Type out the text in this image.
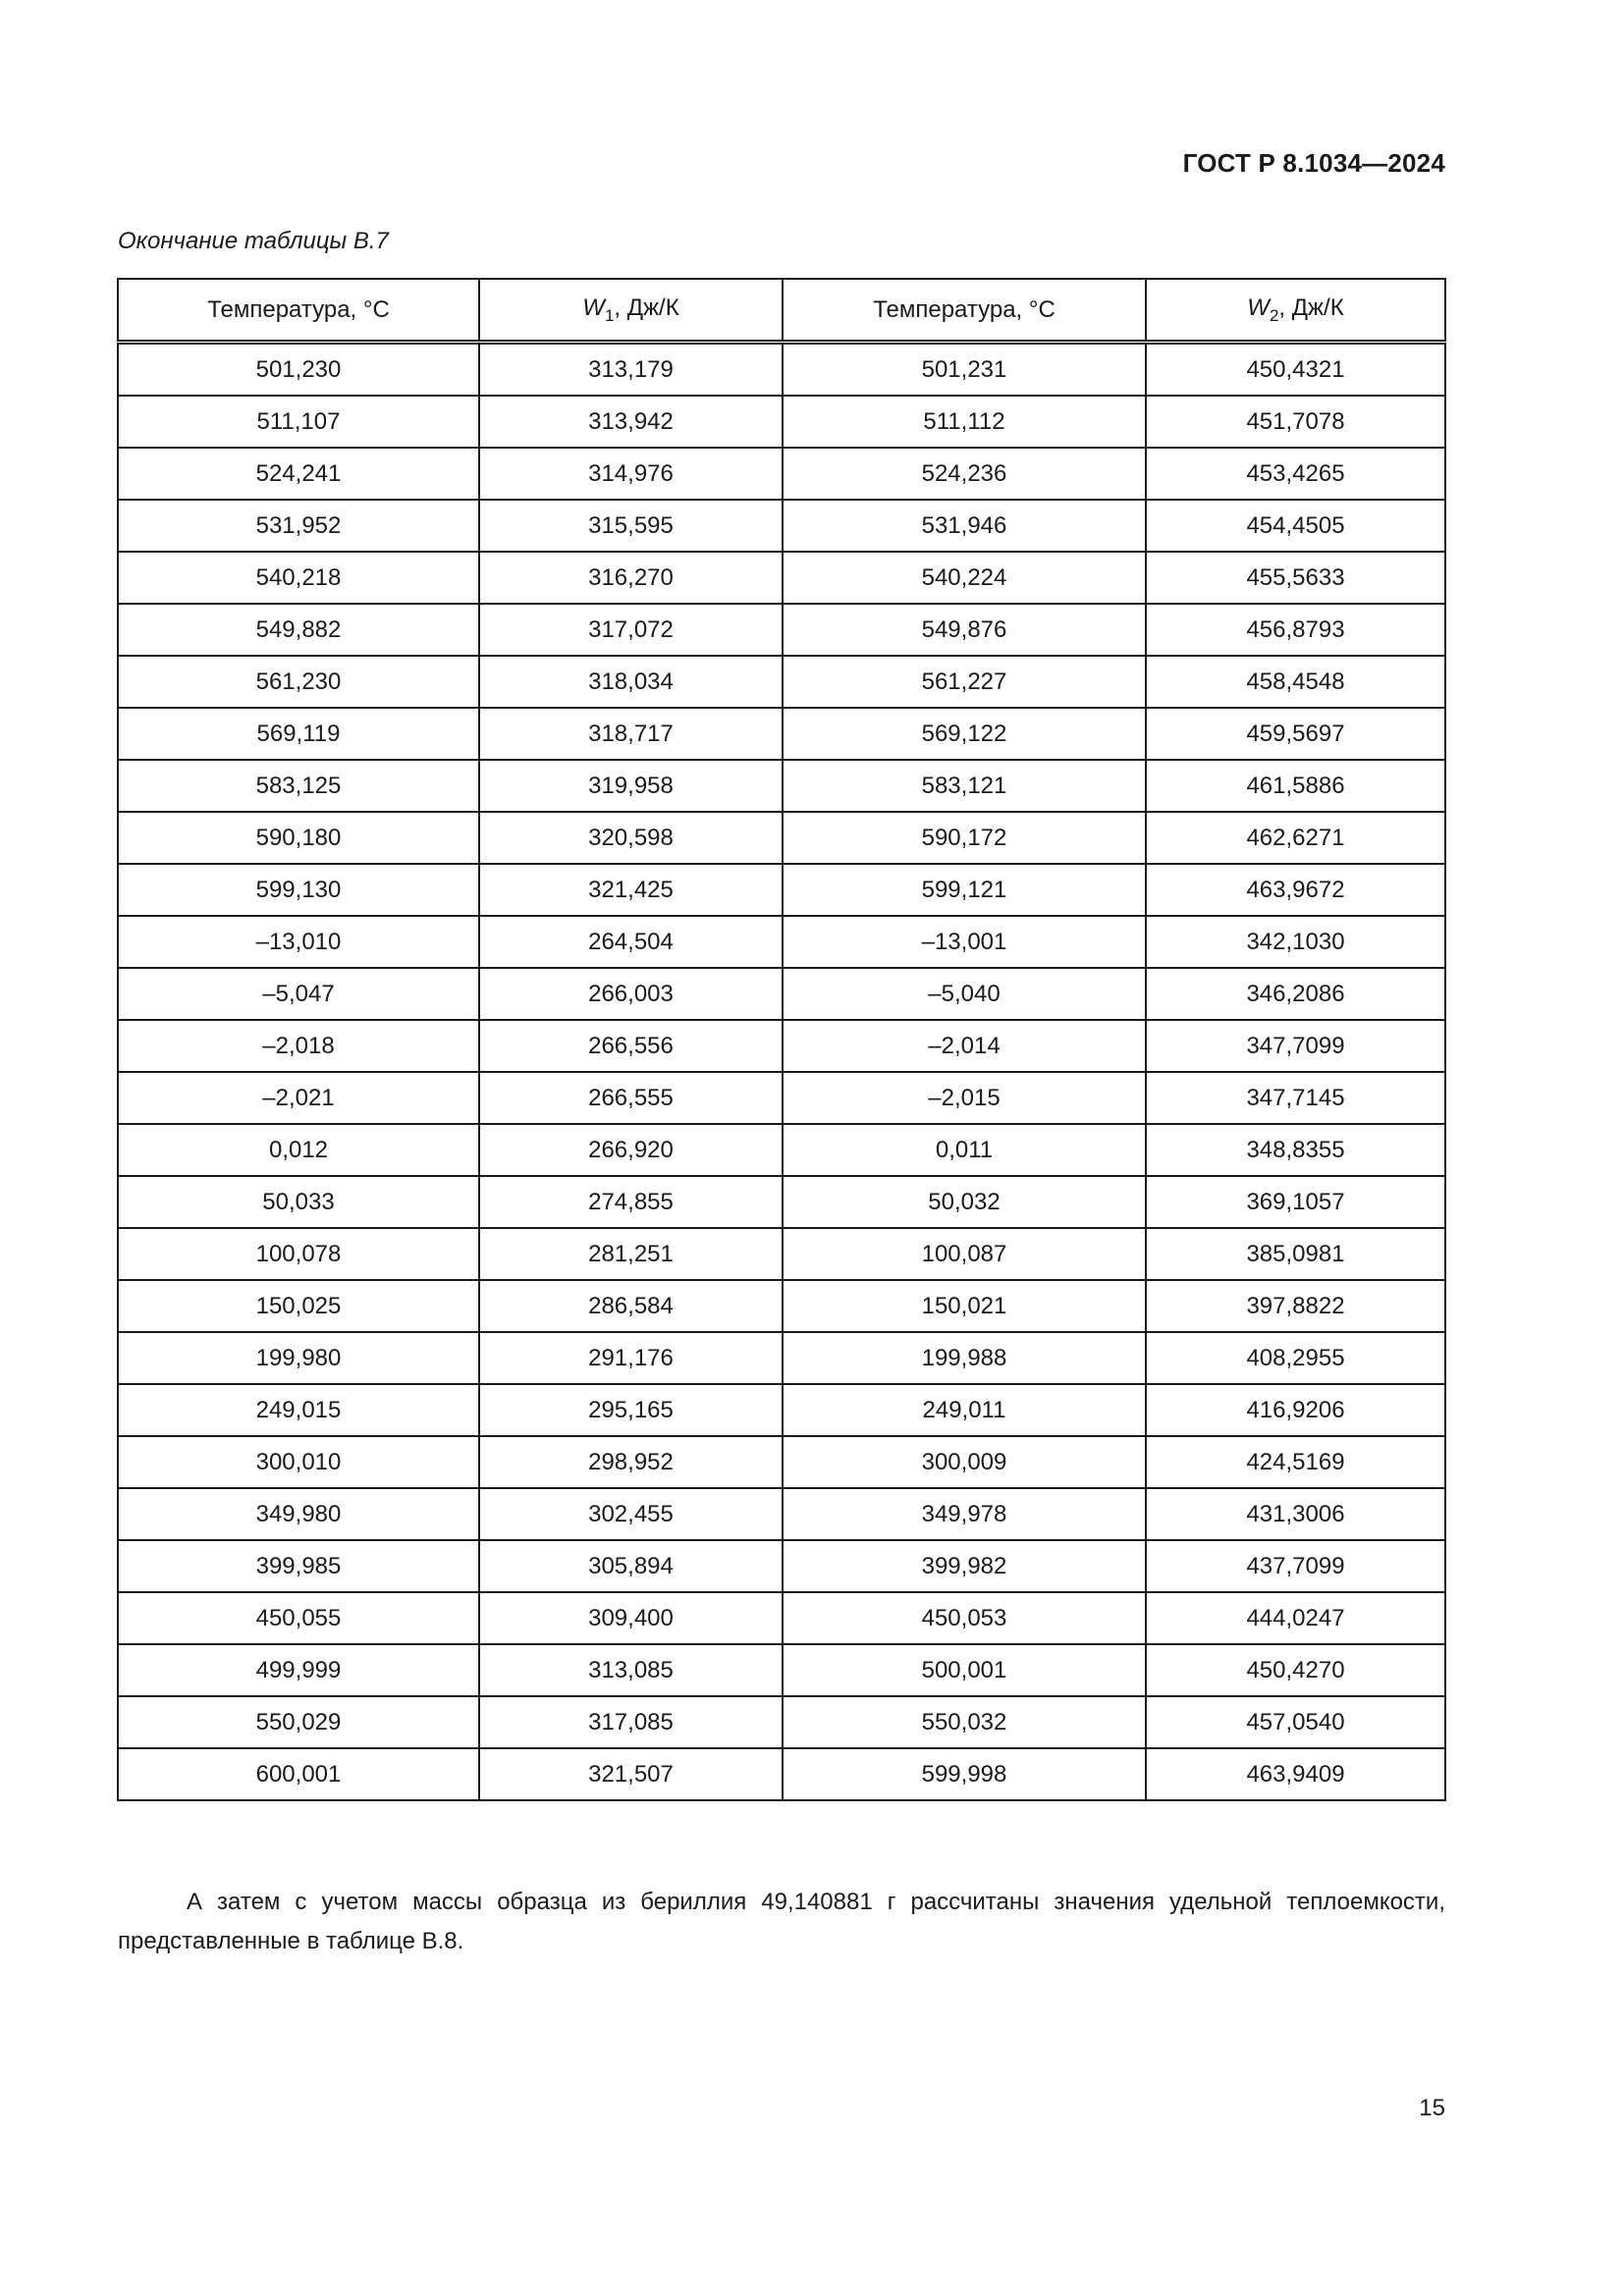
ГОСТ Р 8.1034—2024
Окончание таблицы В.7
Температура, °C	$W_1$, Дж/К	Температура, °C	$W_2$, Дж/К
501,230	313,179	501,231	450,4321
511,107	313,942	511,112	451,7078
524,241	314,976	524,236	453,4265
531,952	315,595	531,946	454,4505
540,218	316,270	540,224	455,5633
549,882	317,072	549,876	456,8793
561,230	318,034	561,227	458,4548
569,119	318,717	569,122	459,5697
583,125	319,958	583,121	461,5886
590,180	320,598	590,172	462,6271
599,130	321,425	599,121	463,9672
–13,010	264,504	–13,001	342,1030
–5,047	266,003	–5,040	346,2086
–2,018	266,556	–2,014	347,7099
–2,021	266,555	–2,015	347,7145
0,012	266,920	0,011	348,8355
50,033	274,855	50,032	369,1057
100,078	281,251	100,087	385,0981
150,025	286,584	150,021	397,8822
199,980	291,176	199,988	408,2955
249,015	295,165	249,011	416,9206
300,010	298,952	300,009	424,5169
349,980	302,455	349,978	431,3006
399,985	305,894	399,982	437,7099
450,055	309,400	450,053	444,0247
499,999	313,085	500,001	450,4270
550,029	317,085	550,032	457,0540
600,001	321,507	599,998	463,9409
А затем с учетом массы образца из бериллия 49,140881 г рассчитаны значения удельной теплоемкости, представленные в таблице В.8.
15
